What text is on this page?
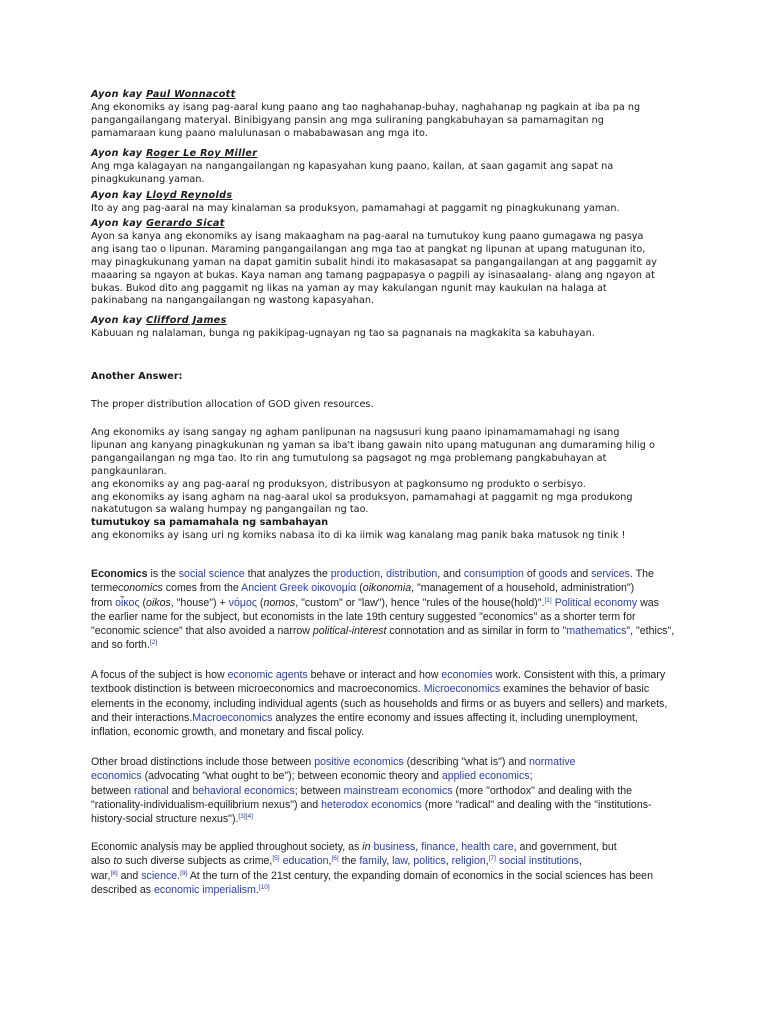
Ayon kay Paul Wonnacott
Ang ekonomiks ay isang pag-aaral kung paano ang tao naghahanap-buhay, naghahanap ng pagkain at iba pa ng
pangangailangang materyal. Binibigyang pansin ang mga suliraning pangkabuhayan sa pamamagitan ng
pamamaraan kung paano malulunasan o mababawasan ang mga ito.
Ayon kay Roger Le Roy Miller
Ang mga kalagayan na nangangailangan ng kapasyahan kung paano, kailan, at saan gagamit ang sapat na
pinagkukunang yaman.
Ayon kay Lloyd Reynolds
Ito ay ang pag-aaral na may kinalaman sa produksyon, pamamahagi at paggamit ng pinagkukunang yaman.
Ayon kay Gerardo Sicat
Ayon sa kanya ang ekonomiks ay isang makaagham na pag-aaral na tumutukoy kung paano gumagawa ng pasya
ang isang tao o lipunan. Maraming pangangailangan ang mga tao at pangkat ng lipunan at upang matugunan ito,
may pinagkukunang yaman na dapat gamitin subalit hindi ito makasasapat sa pangangailangan at ang paggamit ay
maaaring sa ngayon at bukas. Kaya naman ang tamang pagpapasya o pagpili ay isinasaalang- alang ang ngayon at
bukas. Bukod dito ang paggamit ng likas na yaman ay may kakulangan ngunit may kaukulan na halaga at
pakinabang na nangangailangan ng wastong kapasyahan.
Ayon kay Clifford James
Kabuuan ng nalalaman, bunga ng pakikipag-ugnayan ng tao sa pagnanais na magkakita sa kabuhayan.
Another Answer:
The proper distribution allocation of GOD given resources.
Ang ekonomiks ay isang sangay ng agham panlipunan na nagsusuri kung paano ipinamamamahagi ng isang
lipunan ang kanyang pinagkukunan ng yaman sa iba't ibang gawain nito upang matugunan ang dumaraming hilig o
pangangailangan ng mga tao. Ito rin ang tumutulong sa pagsagot ng mga problemang pangkabuhayan at
pangkaunlaran.
ang ekonomiks ay ang pag-aaral ng produksyon, distribusyon at pagkonsumo ng produkto o serbisyo.
ang ekonomiks ay isang agham na nag-aaral ukol sa produksyon, pamamahagi at paggamit ng mga produkong
nakatutugon sa walang humpay ng pangangailan ng tao.
tumutukoy sa pamamahala ng sambahayan
ang ekonomiks ay isang uri ng komiks nabasa ito di ka iimik wag kanalang mag panik baka matusok ng tinik !
Economics is the social science that analyzes the production, distribution, and consumption of goods and services. The
termeconomics comes from the Ancient Greek οἰκονομία (oikonomia, "management of a household, administration")
from οἶκος (oikos, "house") + νόμος (nomos, "custom" or "law"), hence "rules of the house(hold)".[1] Political economy was
the earlier name for the subject, but economists in the late 19th century suggested "economics" as a shorter term for
"economic science" that also avoided a narrow political-interest connotation and as similar in form to "mathematics", "ethics",
and so forth.[2]
A focus of the subject is how economic agents behave or interact and how economies work. Consistent with this, a primary
textbook distinction is between microeconomics and macroeconomics. Microeconomics examines the behavior of basic
elements in the economy, including individual agents (such as households and firms or as buyers and sellers) and markets,
and their interactions.Macroeconomics analyzes the entire economy and issues affecting it, including unemployment,
inflation, economic growth, and monetary and fiscal policy.
Other broad distinctions include those between positive economics (describing "what is") and normative
economics (advocating "what ought to be"); between economic theory and applied economics;
between rational and behavioral economics; between mainstream economics (more "orthodox" and dealing with the
"rationality-individualism-equilibrium nexus") and heterodox economics (more "radical" and dealing with the "institutions-
history-social structure nexus").[3][4]
Economic analysis may be applied throughout society, as in business, finance, health care, and government, but
also to such diverse subjects as crime,[5] education,[6] the family, law, politics, religion,[7] social institutions,
war,[8] and science.[9] At the turn of the 21st century, the expanding domain of economics in the social sciences has been
described as economic imperialism.[10]
